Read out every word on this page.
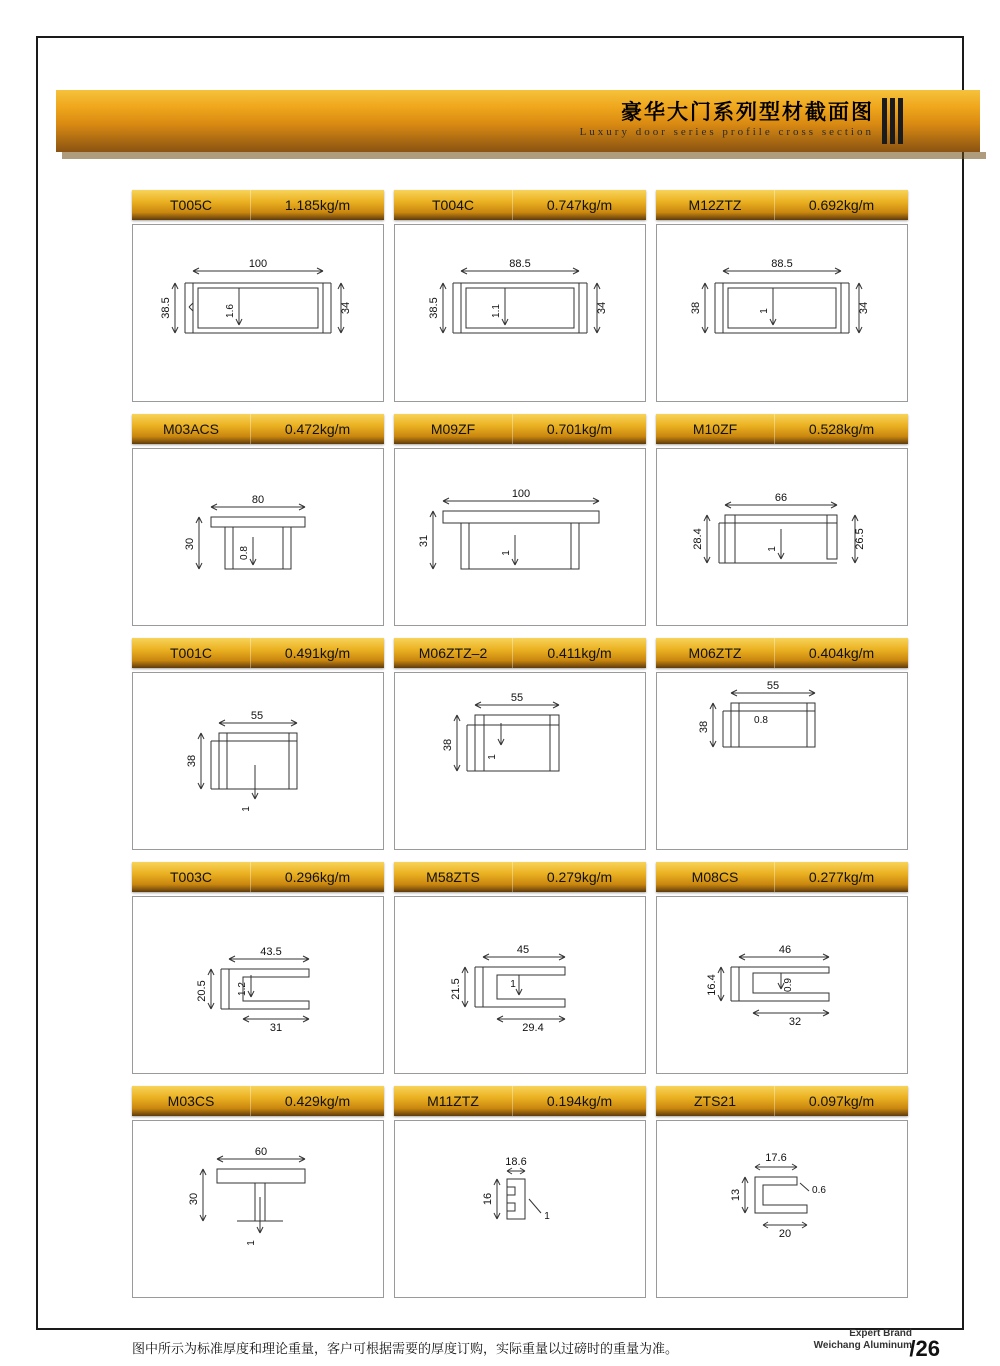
豪华大门系列型材截面图
Luxury door series profile cross section
T005C	1.185kg/m	T004C	0.747kg/m	M12ZTZ	0.692kg/m
100
38.5	34
1.6
88.5
38.5	34
1.1
88.5
38	34
1
M03ACS	0.472kg/m	M09ZF	0.701kg/m	M10ZF	0.528kg/m
80
30
0.8
100
31
1
66
28.4	26.5
1
T001C	0.491kg/m	M06ZTZ–2	0.411kg/m	M06ZTZ	0.404kg/m
55
38
1
55
38
1
55
38
0.8
T003C	0.296kg/m	M58ZTS	0.279kg/m	M08CS	0.277kg/m
43.5
20.5
31
1.2
45
21.5
29.4
1
46
16.4
32
0.9
M03CS	0.429kg/m	M11ZTZ	0.194kg/m	ZTS21	0.097kg/m
60
30
1
18.6
16
1
17.6
13
20
0.6
图中所示为标准厚度和理论重量，客户可根据需要的厚度订购，实际重量以过磅时的重量为准。
Expert Brand
Weichang Aluminum
/26
